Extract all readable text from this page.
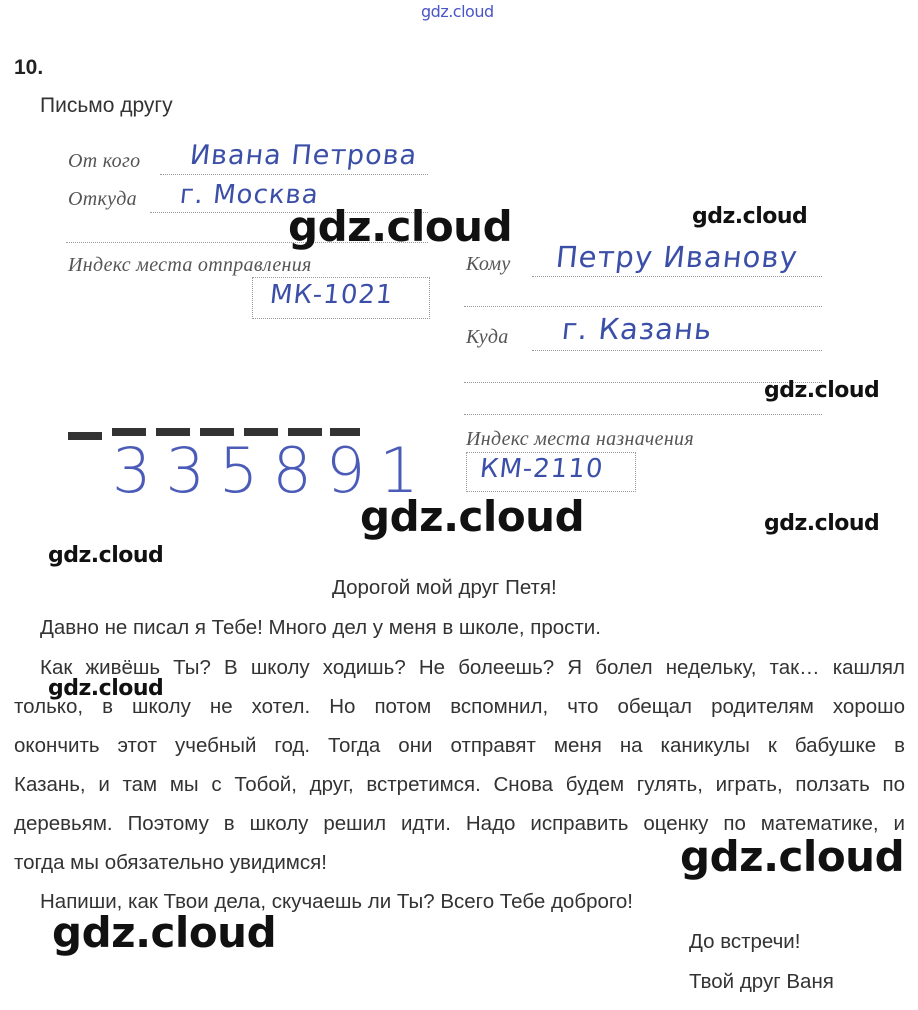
gdz.cloud
10.
Письмо другу
От кого Ивана Петрова
Откуда г. Москва
Индекс места отправления
МК-1021
Кому Петру Иванову
Куда г. Казань
Индекс места назначения
КМ-2110
335891
Дорогой мой друг Петя!
Давно не писал я Тебе! Много дел у меня в школе, прости.
Как живёшь Ты? В школу ходишь? Не болеешь? Я болел недельку, так… кашлял
только, в школу не хотел. Но потом вспомнил, что обещал родителям хорошо
окончить этот учебный год. Тогда они отправят меня на каникулы к бабушке в
Казань, и там мы с Тобой, друг, встретимся. Снова будем гулять, играть, ползать по
деревьям. Поэтому в школу решил идти. Надо исправить оценку по математике, и
тогда мы обязательно увидимся!
Напиши, как Твои дела, скучаешь ли Ты? Всего Тебе доброго!
До встречи!
Твой друг Ваня
gdz.cloud	gdz.cloud
gdz.cloud
gdz.cloud	gdz.cloud
gdz.cloud
gdz.cloud
gdz.cloud
gdz.cloud
